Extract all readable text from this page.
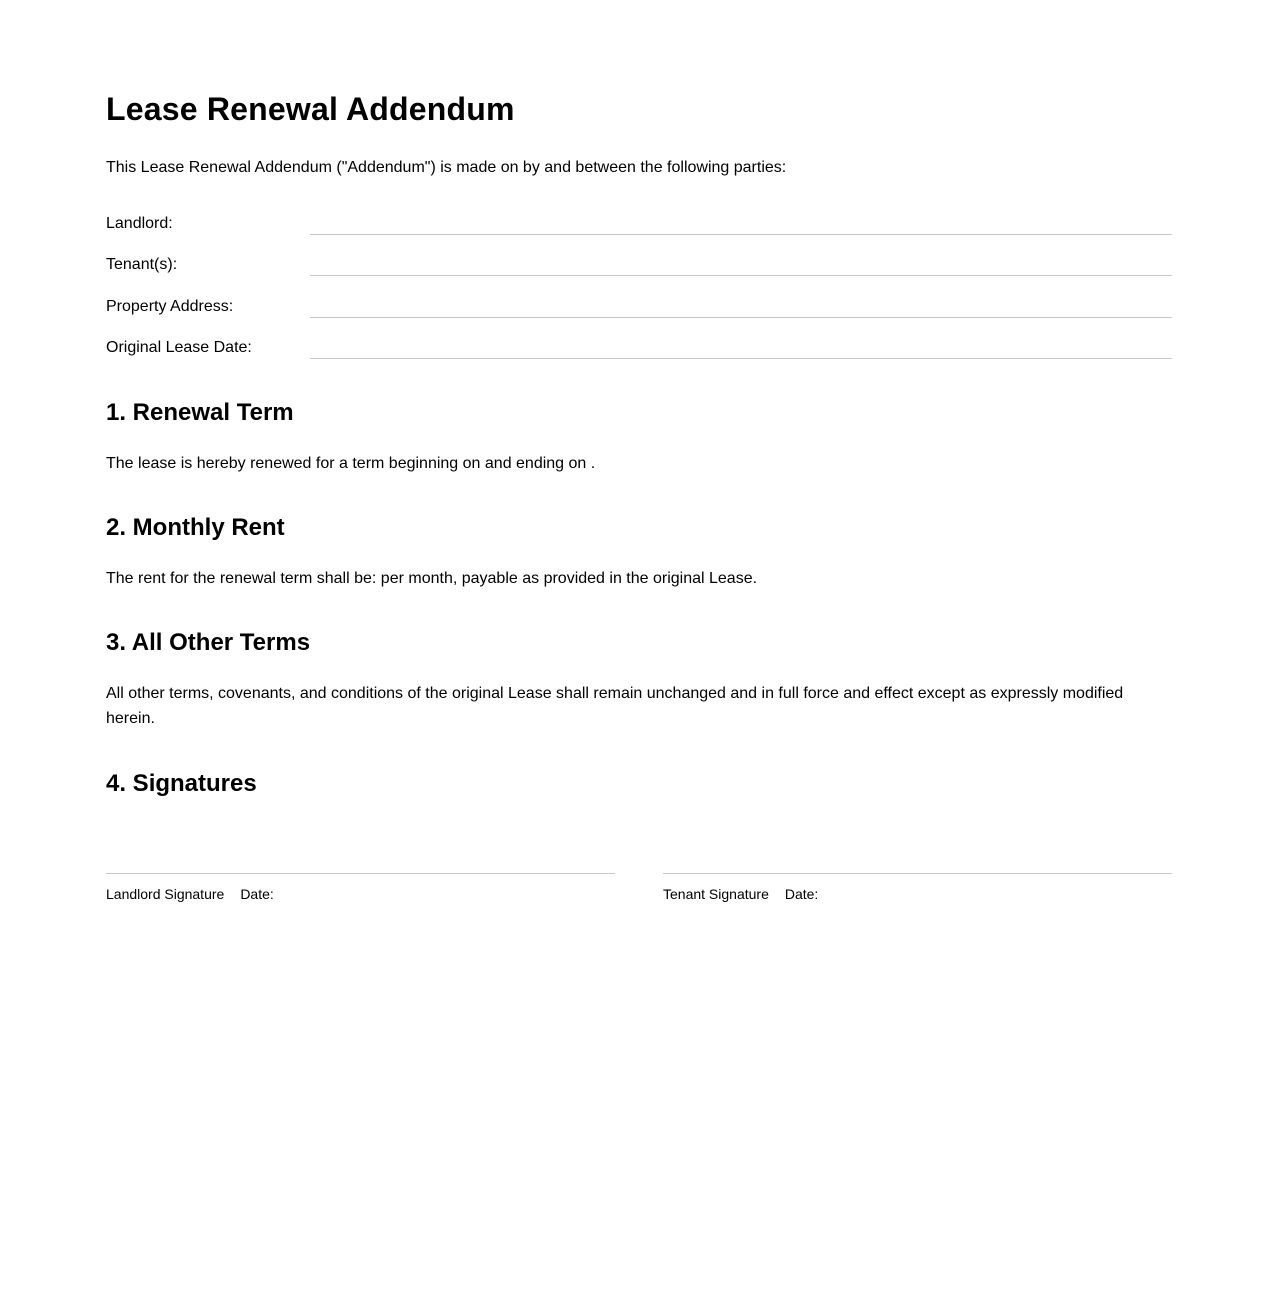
Lease Renewal Addendum

This Lease Renewal Addendum ("Addendum") is made on by and between the following parties:

Landlord:
Tenant(s):
Property Address:
Original Lease Date:
1. Renewal Term

The lease is hereby renewed for a term beginning on and ending on .

2. Monthly Rent

The rent for the renewal term shall be: per month, payable as provided in the original Lease.

3. All Other Terms

All other terms, covenants, and conditions of the original Lease shall remain unchanged and in full force and effect except as expressly modified herein.

4. Signatures
Landlord Signature Date:	Tenant Signature Date:
